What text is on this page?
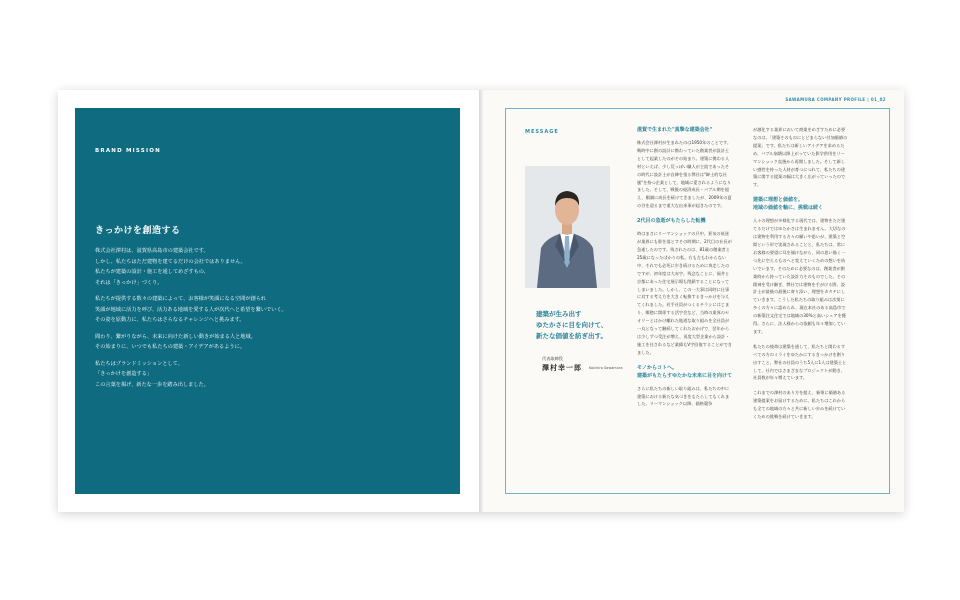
BRAND MISSION
きっかけを創造する

株式会社澤村は、滋賀県高島市の建築会社です。
しかし、私たちはただ建物を建てるだけの会社ではありません。
私たちが建築の設計・施工を通してめざすもの、
それは「きっかけ」づくり。

私たちが提供する数々の建築によって、お客様が笑顔になる空間が創られ
笑顔が地域に活力を呼び、活力ある地域を愛する人が次代へと希望を繋いでいく。
その姿を原動力に、私たちはさらなるチャレンジへと挑みます。

間わり、繋がりながら、未来に向けた新しい動きが始まる人と地域。
その始まりに、いつでも私たちの建築・アイデアがあるように。

私たちはブランドミッションとして、
「きっかけを創造する」
この言葉を掲げ、新たな一歩を踏み出しました。

SAWAMURA COMPANY PROFILE | 01_02
MESSAGE
建築が生み出す
ゆたかさに目を向けて、
新たな価値を紡ぎ出す。
代表取締役
澤村幸一郎 Koichiro Sawamura
滋賀で生まれた"真摯な建築会社"

株式会社澤村が生まれたのは1950年のことです。戦時中に創の設計に携わっていた創業者が設計士として起業したのがその始まり。建築に携わる人材といえば、少し荒っぽい職人が主流であったその時代に設計士が自陣を張る弊社は"紳士的な社風"を持つ企業として、地域に愛されるようになりました。そして、戦後の経済成長・バブル期を超え、順調に成長を続けてきましたが、2009年の夏の谷を迎るまで重大な出来事が起きたのです。

2代目の急逝がもたらした転機

時はまさにリーマンショックの只中。景気の低迷が業界にも影を落とすその時期に、2代目の社長が急逝したのです。残されたのは、81歳の創業者と25歳になったばかりの私。右も左もわからない中、それでも必死に歩き続けるために奔走したのですが、初年度は大赤字。残念なことに、福井と京都にあった住宅展示場も閉鎖することになってしまいました。しかし、この一大事は同時に仕事に対する考え方を大きく転換するきっかけを与えてくれました。若手社員がつくるチラシにはじまり、郷愁に関係する活字会など、当時の業界のセオリーとはかけ離れた地道な取り組みを全社員が一丸となって継続してくれたおかげで、翌年からは少しずつ受注が増え、再度大型企業から設計・施工を任されるなど業績もV字回復することができました。

モノからコトへ。
建築がもたらすゆたかな未来に目を向けて

さらに私たちの新しい取り組みは、私たちの中に建築における新たな気づきをもたらしてもくれました。リーマンショック以降、価格競争

が激化する業界において商業をめざすために必要なのは、「建築そのものにとどまらない付加価値の提案」です。私たちは新しいアイデアを求めるため、バブル崩壊以降上がっていた影学供用をリーマンショック直後から再開しました。そして新しい感性を持った人材が育つにつれて、私たちの建築に関する提案の幅は大きく広がっていったのです。

建築に理想と価値を。
地域の価値を軸に、挑戦は続く

人々の理想が多様化する現代では、建物をただ建てるだけではゆたかさは生まれません。大切なのは建物を利用する方々の願いや思いが、建築と空間という形で実現されることと、私たちは、常にお客様の要望に耳を傾けながら、同の思い描く一つ先に空えるものへと変えていくための想いを紡いでいます。そのために必要なのは、創業者が創業時から持っていた設計力そのものでした。その精神を受け継ぎ、弊社では建物を手がける際、設計士が最後の最後に寄り添い、理想をカタチにしていきます。こうした私たちの取り組みは次第に多くの方々に認められ、現在本社のある高島市での新築注文住宅では地域の30%と高いシェアを獲得。さらに、法人様からの依頼も年々増加しています。

私たちの使命は建築を通して、私たちと関わるすべての方のミライをゆたかにするきっかけを創り出すこと。弊社の社員のうち5人に1人は建築士として、社内ではさまざまなプロジェクトが動き、社員数が年々増えています。

これまでの澤村のあり方を超え、新領に価値ある建築提案をお届けするために。私たちはこれからも全ての地域の方々と共に新しい歩みを続けていくための挑戦を続けていきます。
